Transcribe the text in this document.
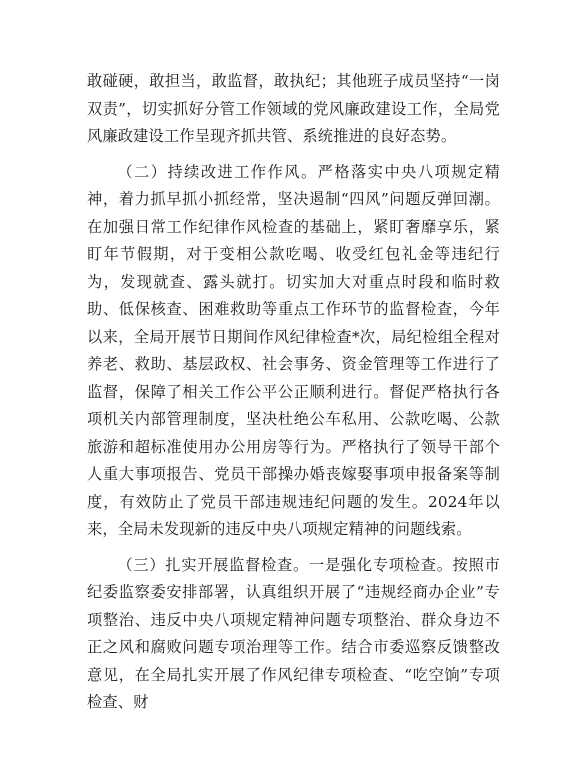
敢碰硬，敢担当，敢监督，敢执纪；其他班子成员坚持“一岗双责”，切实抓好分管工作领域的党风廉政建设工作，全局党风廉政建设工作呈现齐抓共管、系统推进的良好态势。

（二）持续改进工作作风。严格落实中央八项规定精神，着力抓早抓小抓经常，坚决遏制“四风”问题反弹回潮。在加强日常工作纪律作风检查的基础上，紧盯奢靡享乐，紧盯年节假期，对于变相公款吃喝、收受红包礼金等违纪行为，发现就查、露头就打。切实加大对重点时段和临时救助、低保核查、困难救助等重点工作环节的监督检查，今年以来，全局开展节日期间作风纪律检查*次，局纪检组全程对养老、救助、基层政权、社会事务、资金管理等工作进行了监督，保障了相关工作公平公正顺利进行。督促严格执行各项机关内部管理制度，坚决杜绝公车私用、公款吃喝、公款旅游和超标准使用办公用房等行为。严格执行了领导干部个人重大事项报告、党员干部操办婚丧嫁娶事项申报备案等制度，有效防止了党员干部违规违纪问题的发生。2024年以来，全局未发现新的违反中央八项规定精神的问题线索。

（三）扎实开展监督检查。一是强化专项检查。按照市纪委监察委安排部署，认真组织开展了“违规经商办企业”专项整治、违反中央八项规定精神问题专项整治、群众身边不正之风和腐败问题专项治理等工作。结合市委巡察反馈整改意见，在全局扎实开展了作风纪律专项检查、“吃空饷”专项检查、财
